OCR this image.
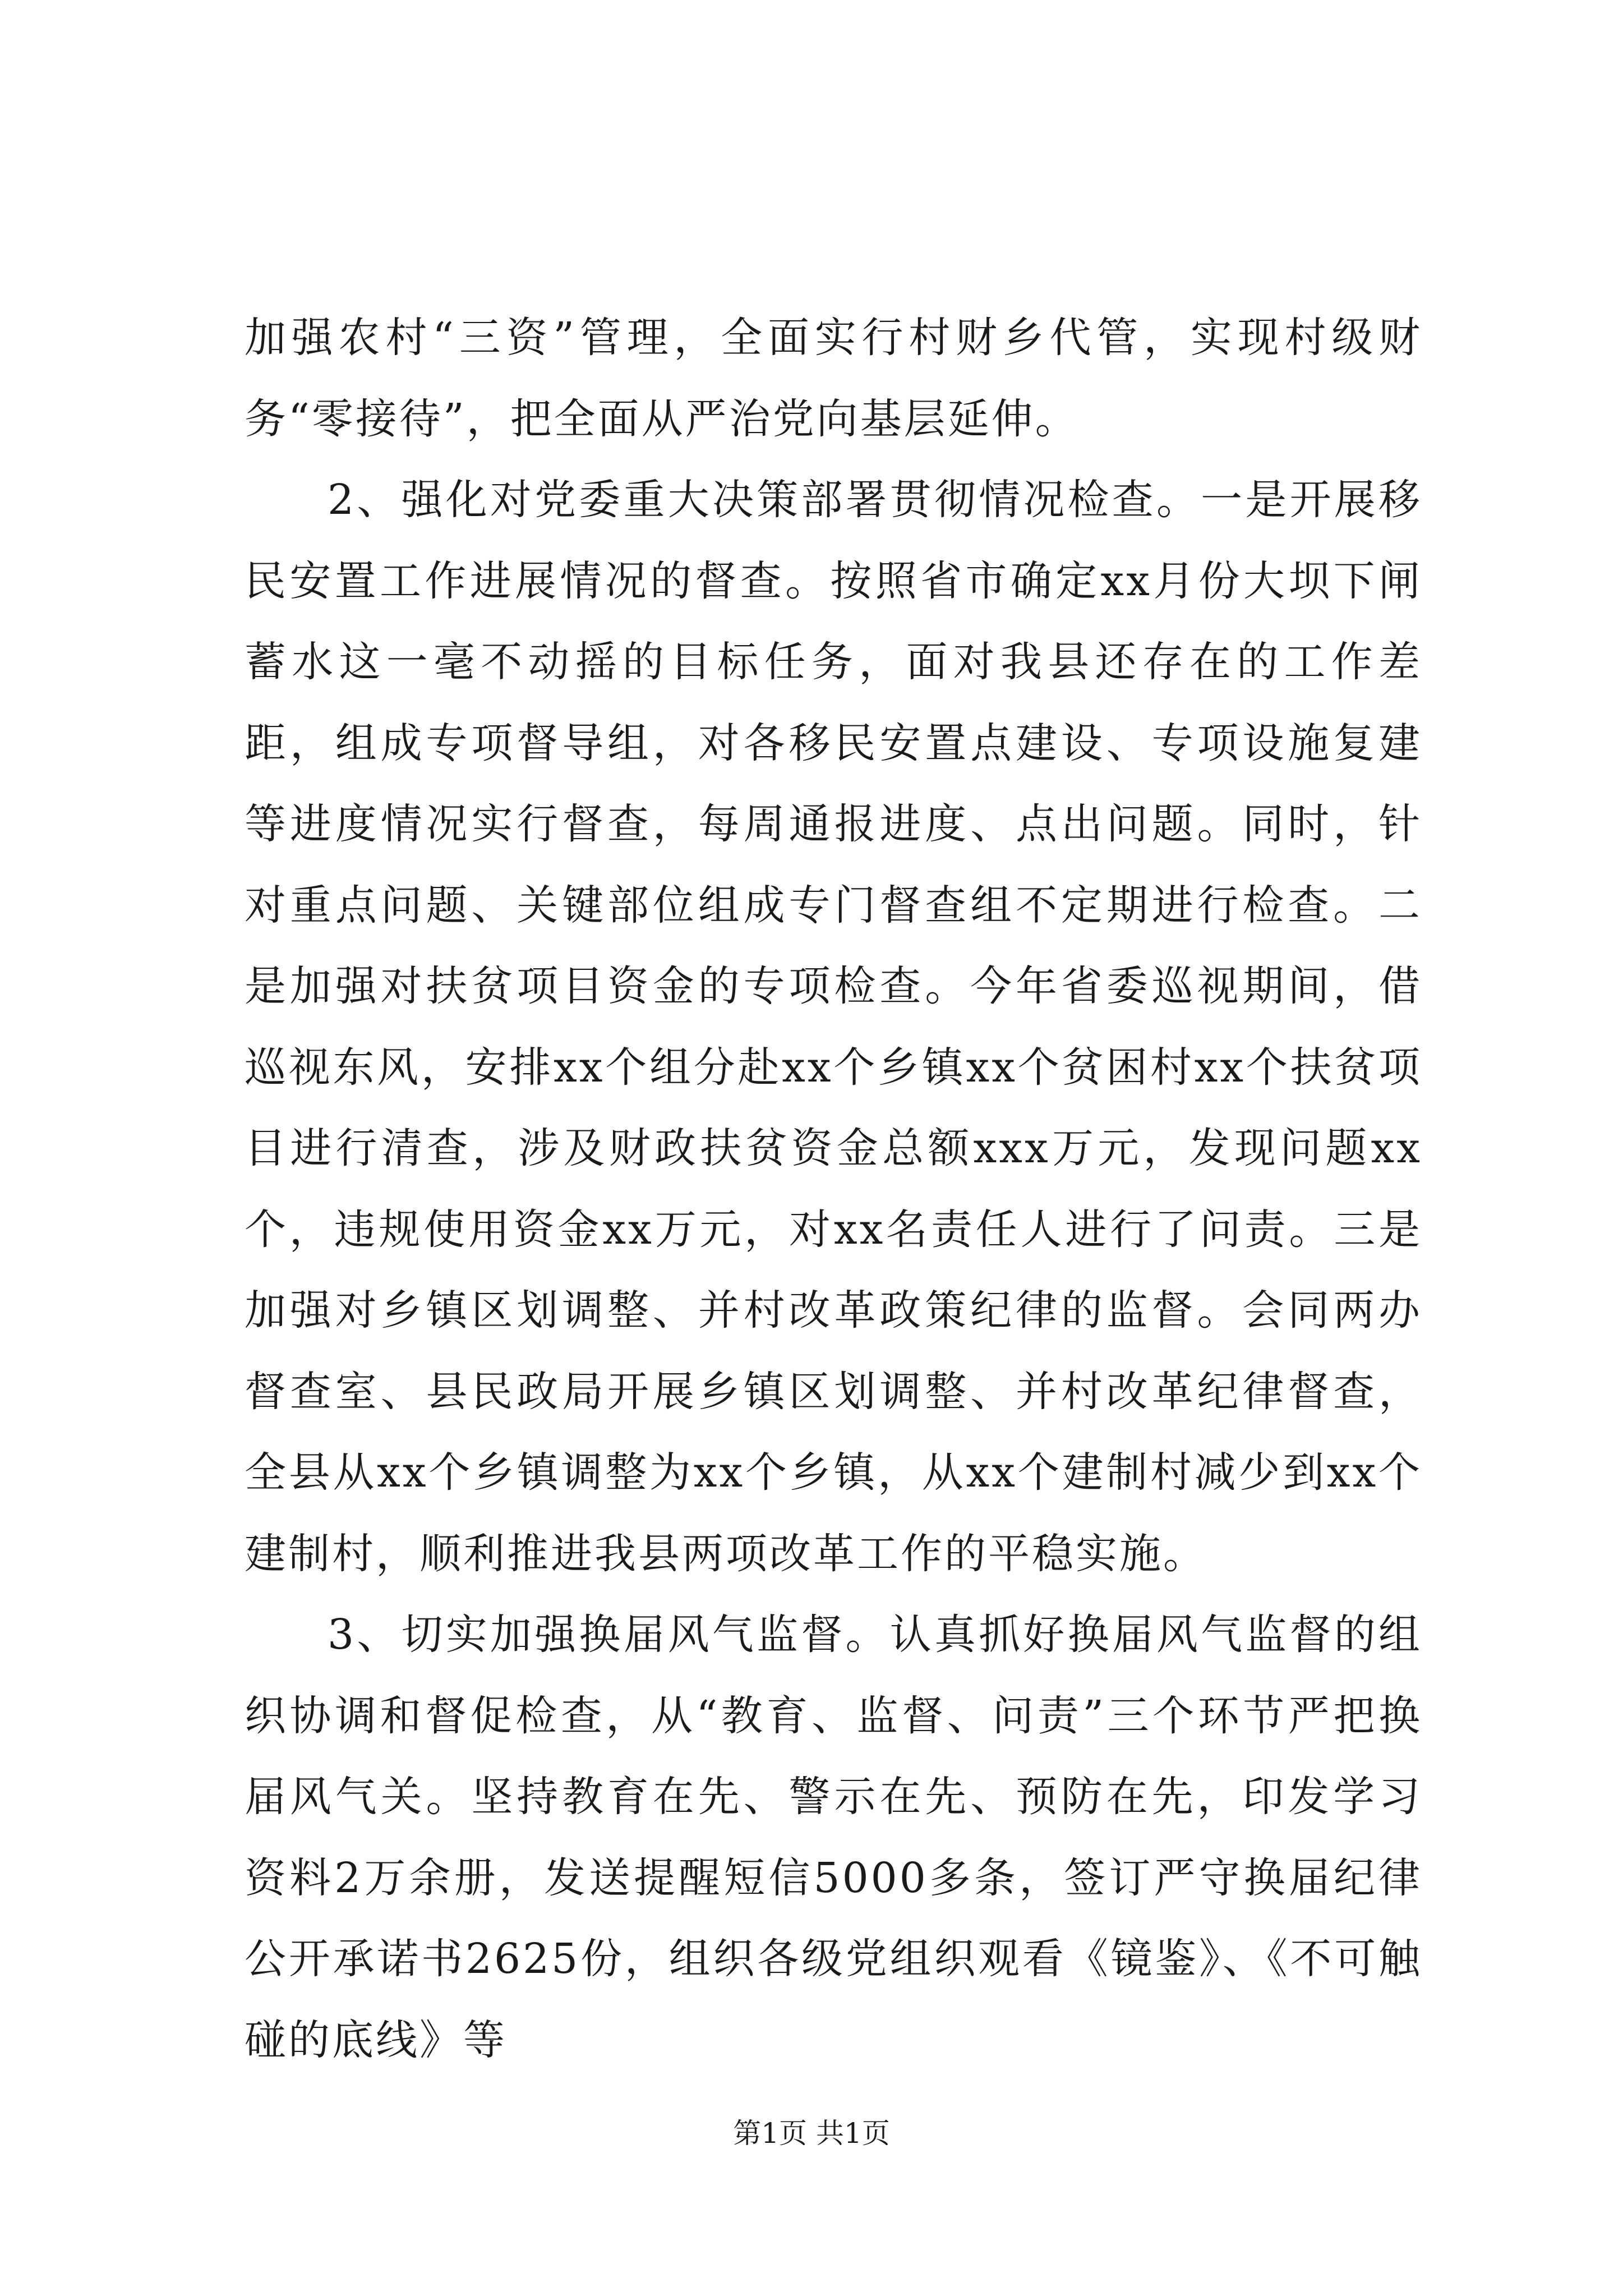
加强农村“三资”管理，全面实行村财乡代管，实现村级财务“零接待”，把全面从严治党向基层延伸。

2、强化对党委重大决策部署贯彻情况检查。一是开展移民安置工作进展情况的督查。按照省市确定xx月份大坝下闸蓄水这一毫不动摇的目标任务，面对我县还存在的工作差距，组成专项督导组，对各移民安置点建设、专项设施复建等进度情况实行督查，每周通报进度、点出问题。同时，针对重点问题、关键部位组成专门督查组不定期进行检查。二是加强对扶贫项目资金的专项检查。今年省委巡视期间，借巡视东风，安排xx个组分赴xx个乡镇xx个贫困村xx个扶贫项目进行清查，涉及财政扶贫资金总额xxx万元，发现问题xx个，违规使用资金xx万元，对xx名责任人进行了问责。三是加强对乡镇区划调整、并村改革政策纪律的监督。会同两办督查室、县民政局开展乡镇区划调整、并村改革纪律督查，全县从xx个乡镇调整为xx个乡镇，从xx个建制村减少到xx个建制村，顺利推进我县两项改革工作的平稳实施。

3、切实加强换届风气监督。认真抓好换届风气监督的组织协调和督促检查，从“教育、监督、问责”三个环节严把换届风气关。坚持教育在先、警示在先、预防在先，印发学习资料2万余册，发送提醒短信5000多条，签订严守换届纪律公开承诺书2625份，组织各级党组织观看《镜鉴》、《不可触碰的底线》等

第1页 共1页
